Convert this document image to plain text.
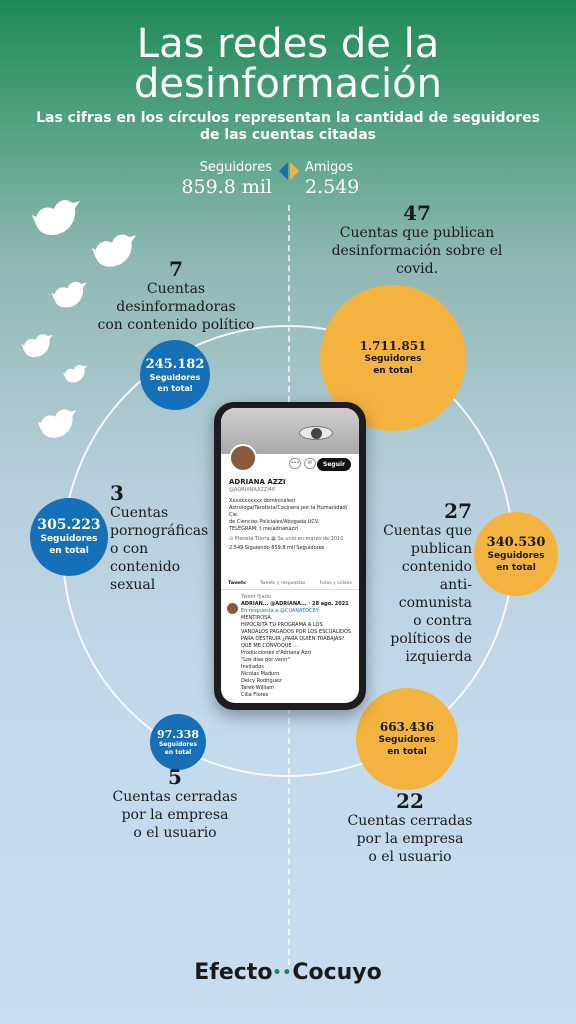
Las redes de la
desinformación
Las cifras en los círculos representan la cantidad de seguidores
de las cuentas citadas
Seguidores
859.8 mil
Amigos
2.549
7
Cuentas
desinformadoras
con contenido político
245.182
Seguidores
en total
47
Cuentas que publican
desinformación sobre el
covid.
1.711.851
Seguidores
en total
305.223
Seguidores
en total
3
Cuentas
pornográficas
o con contenido
sexual
27
Cuentas que
publican
contenido
anti-comunista
o contra
políticos de
izquierda
340.530
Seguidores
en total
97.338
Seguidores
en total
5
Cuentas cerradas
por la empresa
o el usuario
663.436
Seguidores
en total
22
Cuentas cerradas
por la empresa
o el usuario
•••	✉	Seguir
ADRIANA AZZI
@ADRIANAAZZI46
Xxxxxxxxxxx dominicales/
Astrologa/Tarotista/Cocinera por la Humanidad/ Cie.
de Ciencias Policiales/Abogada UCV.
TELEGRAM: t.me/adrianazzi
⊙ Planeta Tierra ▦ Se unió en marzo de 2010
2.549 Siguiendo 859,8 mil Seguidores
Tweets	Tweets y respuestas	Fotos y videos
Tweet fijado
ADRIAN... @ADRIANA... · 28 ago. 2021
En respuesta a @CUANATOCEY
MENTIROSA.
HIPOCRITA TU PROGRAMA A LOS
VANDALOS PAGADOS POR LOS ESCUALIDOS
PARA DESTRUIR ¿PARA QUIÉN TRABAJAS?
QUE ME CONVOQUE ...
Producciones d'Adriana Azzi
"Los días por venir"
Invitados
Nicolas Maduro
Delcy Rodriguez
Tarek William
Cilia Flores
Efecto••Cocuyo
